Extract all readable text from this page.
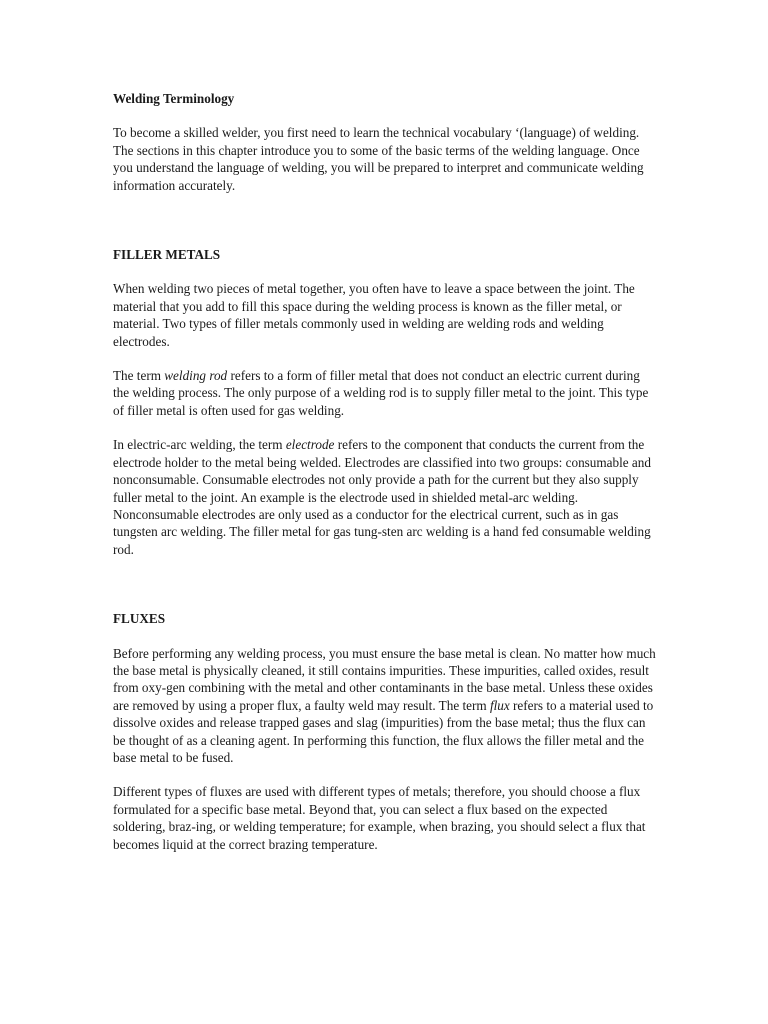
Welding Terminology

To become a skilled welder, you first need to learn the technical vocabulary ‘(language) of welding. The sections in this chapter introduce you to some of the basic terms of the welding language. Once you understand the language of welding, you will be prepared to interpret and communicate welding information accurately.

FILLER METALS

When welding two pieces of metal together, you often have to leave a space between the joint. The material that you add to fill this space during the welding process is known as the filler metal, or material. Two types of filler metals commonly used in welding are welding rods and welding electrodes.

The term welding rod refers to a form of filler metal that does not conduct an electric current during the welding process. The only purpose of a welding rod is to supply filler metal to the joint. This type of filler metal is often used for gas welding.

In electric-arc welding, the term electrode refers to the component that conducts the current from the electrode holder to the metal being welded. Electrodes are classified into two groups: consumable and nonconsumable. Consumable electrodes not only provide a path for the current but they also supply fuller metal to the joint. An example is the electrode used in shielded metal-arc welding. Nonconsumable electrodes are only used as a conductor for the electrical current, such as in gas tungsten arc welding. The filler metal for gas tung-sten arc welding is a hand fed consumable welding rod.

FLUXES

Before performing any welding process, you must ensure the base metal is clean. No matter how much the base metal is physically cleaned, it still contains impurities. These impurities, called oxides, result from oxy-gen combining with the metal and other contaminants in the base metal. Unless these oxides are removed by using a proper flux, a faulty weld may result. The term flux refers to a material used to dissolve oxides and release trapped gases and slag (impurities) from the base metal; thus the flux can be thought of as a cleaning agent. In performing this function, the flux allows the filler metal and the base metal to be fused.

Different types of fluxes are used with different types of metals; therefore, you should choose a flux formulated for a specific base metal. Beyond that, you can select a flux based on the expected soldering, braz-ing, or welding temperature; for example, when brazing, you should select a flux that becomes liquid at the correct brazing temperature.
